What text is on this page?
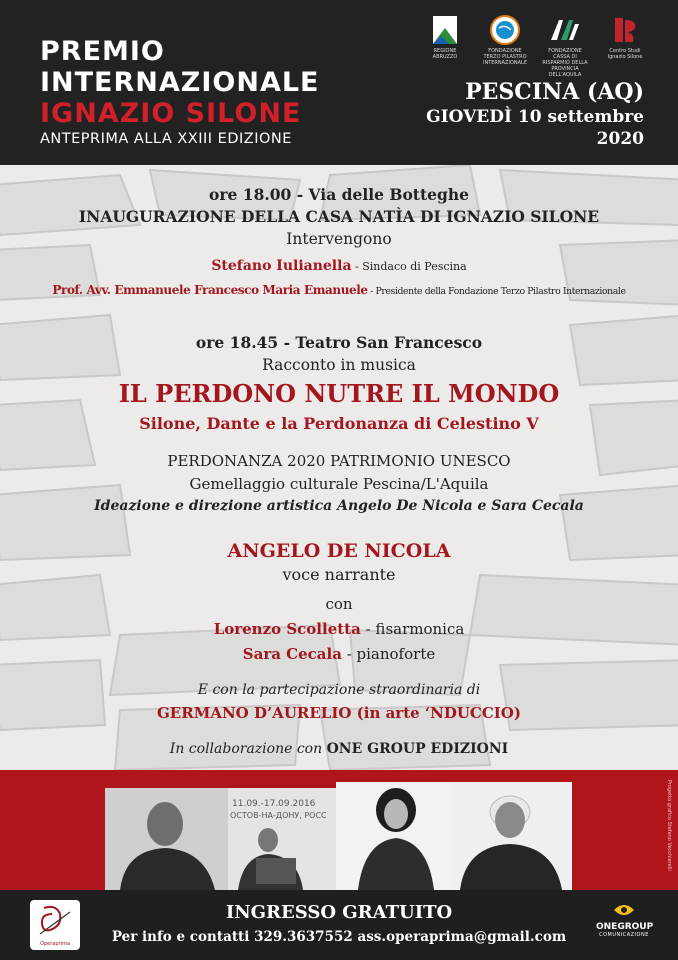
PREMIO
INTERNAZIONALE
IGNAZIO SILONE
ANTEPRIMA ALLA XXIII EDIZIONE
REGIONE ABRUZZO
FONDAZIONE TERZO PILASTRO INTERNAZIONALE
FONDAZIONE CASSA DI RISPARMIO DELLA PROVINCIA DELL'AQUILA
Centro Studi Ignazio Silone
PESCINA (AQ)
GIOVEDÌ 10 settembre
2020
ore 18.00 - Via delle Botteghe
INAUGURAZIONE DELLA CASA NATÌA DI IGNAZIO SILONE
Intervengono
Stefano Iulianella - Sindaco di Pescina
Prof. Avv. Emmanuele Francesco Maria Emanuele - Presidente della Fondazione Terzo Pilastro Internazionale
ore 18.45 - Teatro San Francesco
Racconto in musica
IL PERDONO NUTRE IL MONDO
Silone, Dante e la Perdonanza di Celestino V
PERDONANZA 2020 PATRIMONIO UNESCO
Gemellaggio culturale Pescina/L'Aquila
Ideazione e direzione artistica Angelo De Nicola e Sara Cecala
ANGELO DE NICOLA
voce narrante
con
Lorenzo Scolletta - fisarmonica
Sara Cecala - pianoforte
E con la partecipazione straordinaria di
GERMANO D’AURELIO (in arte ‘NDUCCIO)
In collaborazione con ONE GROUP EDIZIONI
11.09.-17.09.2016
ОСТОВ-НА-ДОНУ, РОСС	Progetto grafico Stefano Vecchiarelli
Operaprima
INGRESSO GRATUITO
Per info e contatti 329.3637552 ass.operaprima@gmail.com
ONEGROUP
COMUNICAZIONE
